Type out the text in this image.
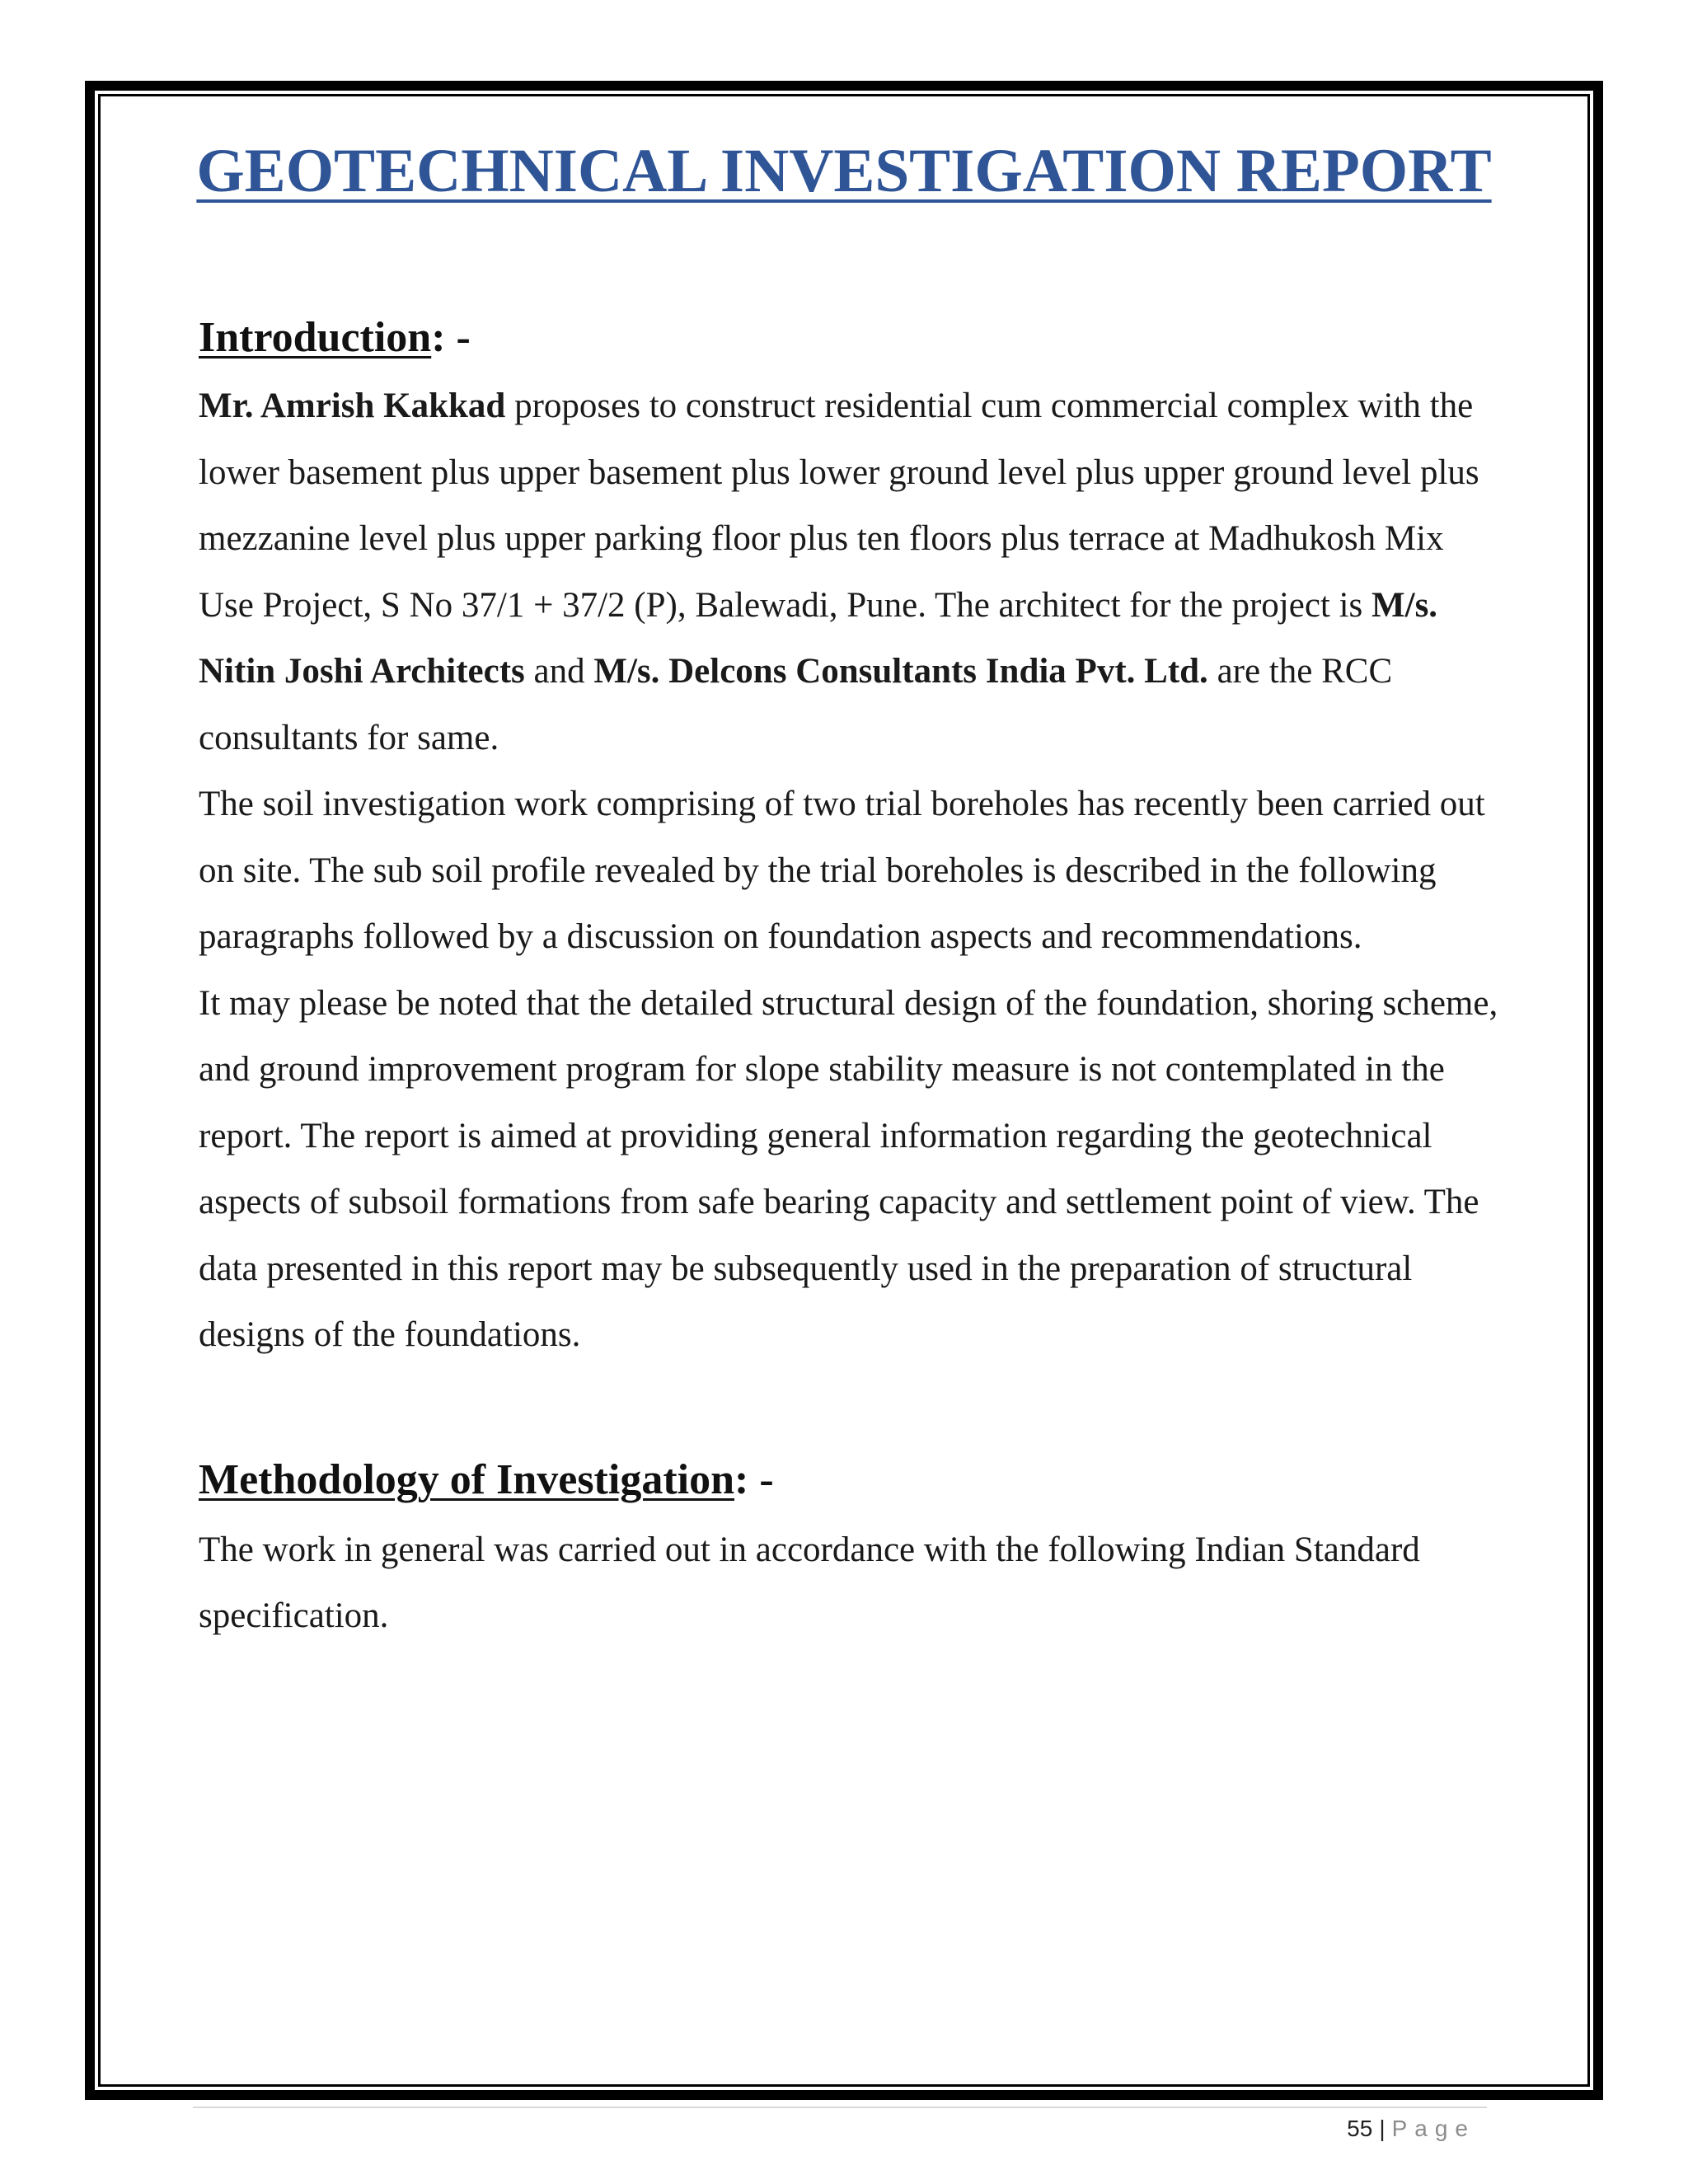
GEOTECHNICAL INVESTIGATION REPORT
Introduction: -

Mr. Amrish Kakkad proposes to construct residential cum commercial complex with the lower basement plus upper basement plus lower ground level plus upper ground level plus mezzanine level plus upper parking floor plus ten floors plus terrace at Madhukosh Mix Use Project, S No 37/1 + 37/2 (P), Balewadi, Pune. The architect for the project is M/s. Nitin Joshi Architects and M/s. Delcons Consultants India Pvt. Ltd. are the RCC consultants for same.

The soil investigation work comprising of two trial boreholes has recently been carried out on site. The sub soil profile revealed by the trial boreholes is described in the following paragraphs followed by a discussion on foundation aspects and recommendations.

It may please be noted that the detailed structural design of the foundation, shoring scheme, and ground improvement program for slope stability measure is not contemplated in the report. The report is aimed at providing general information regarding the geotechnical aspects of subsoil formations from safe bearing capacity and settlement point of view. The data presented in this report may be subsequently used in the preparation of structural designs of the foundations.

Methodology of Investigation: -

The work in general was carried out in accordance with the following Indian Standard specification.

55 | Page
